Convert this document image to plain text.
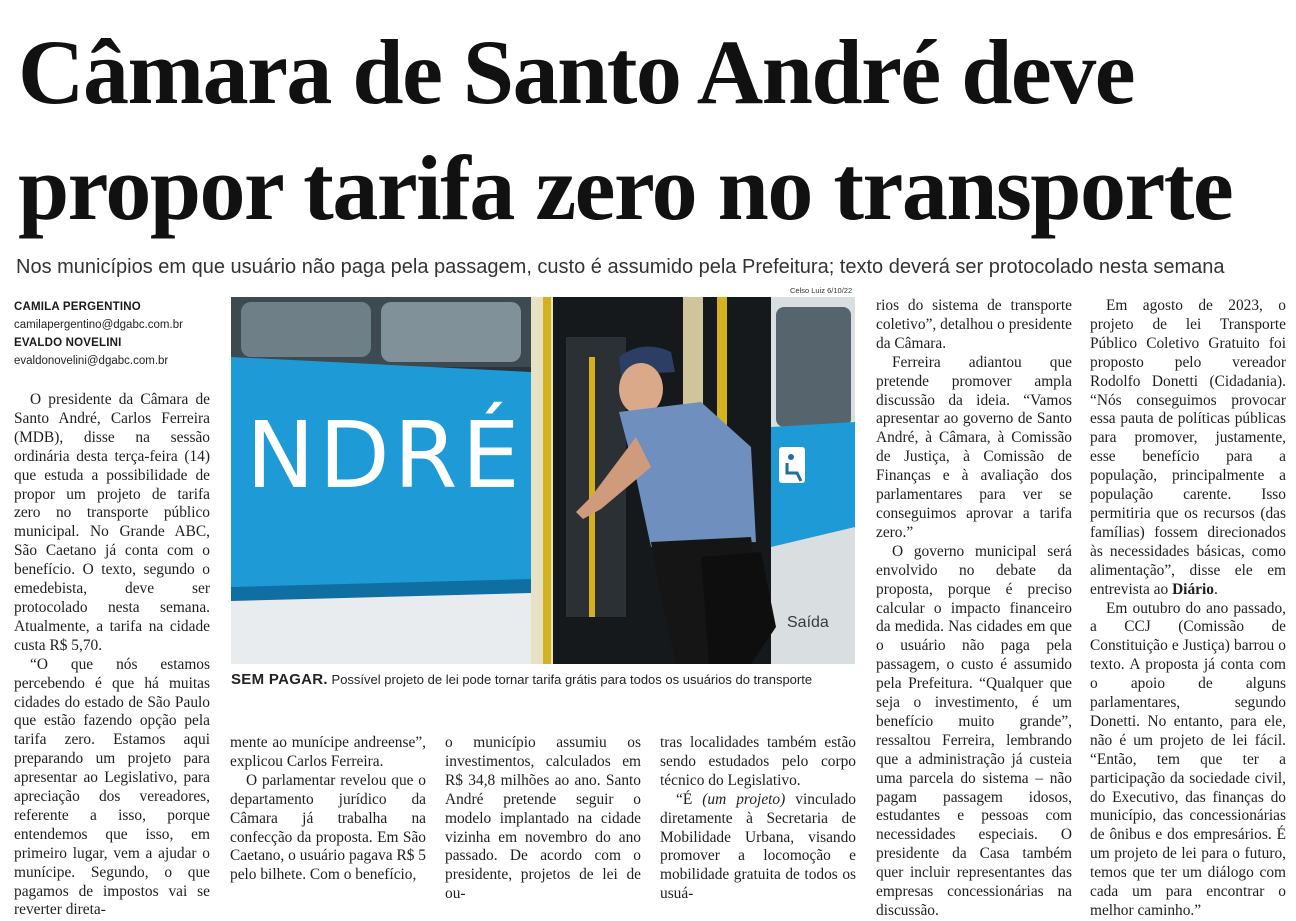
Câmara de Santo André deve propor tarifa zero no transporte
Nos municípios em que usuário não paga pela passagem, custo é assumido pela Prefeitura; texto deverá ser protocolado nesta semana
CAMILA PERGENTINO
camilapergentino@dgabc.com.br
EVALDO NOVELINI
evaldonovelini@dgabc.com.br

O presidente da Câmara de Santo André, Carlos Ferreira (MDB), disse na sessão ordinária desta terça-feira (14) que estuda a possibilidade de propor um projeto de tarifa zero no transporte público municipal. No Grande ABC, São Caetano já conta com o benefício. O texto, segundo o emedebista, deve ser protocolado nesta semana. Atualmente, a tarifa na cidade custa R$ 5,70.

“O que nós estamos percebendo é que há muitas cidades do estado de São Paulo que estão fazendo opção pela tarifa zero. Estamos aqui preparando um projeto para apresentar ao Legislativo, para apreciação dos vereadores, referente a isso, porque entendemos que isso, em primeiro lugar, vem a ajudar o munícipe. Segundo, o que pagamos de impostos vai se reverter direta-

Celso Luiz 6/10/22
NDRÉ
Saída
SEM PAGAR. Possível projeto de lei pode tornar tarifa grátis para todos os usuários do transporte

mente ao munícipe andreense”, explicou Carlos Ferreira.

O parlamentar revelou que o departamento jurídico da Câmara já trabalha na confecção da proposta. Em São Caetano, o usuário pagava R$ 5 pelo bilhete. Com o benefício,

o município assumiu os investimentos, calculados em R$ 34,8 milhões ao ano. Santo André pretende seguir o modelo implantado na cidade vizinha em novembro do ano passado. De acordo com o presidente, projetos de lei de ou-

tras localidades também estão sendo estudados pelo corpo técnico do Legislativo.

“É (um projeto) vinculado diretamente à Secretaria de Mobilidade Urbana, visando promover a locomoção e mobilidade gratuita de todos os usuá-

rios do sistema de transporte coletivo”, detalhou o presidente da Câmara.

Ferreira adiantou que pretende promover ampla discussão da ideia. “Vamos apresentar ao governo de Santo André, à Câmara, à Comissão de Justiça, à Comissão de Finanças e à avaliação dos parlamentares para ver se conseguimos aprovar a tarifa zero.”

O governo municipal será envolvido no debate da proposta, porque é preciso calcular o impacto financeiro da medida. Nas cidades em que o usuário não paga pela passagem, o custo é assumido pela Prefeitura. “Qualquer que seja o investimento, é um benefício muito grande”, ressaltou Ferreira, lembrando que a administração já custeia uma parcela do sistema – não pagam passagem idosos, estudantes e pessoas com necessidades especiais. O presidente da Casa também quer incluir representantes das empresas concessionárias na discussão.

Em agosto de 2023, o projeto de lei Transporte Público Coletivo Gratuito foi proposto pelo vereador Rodolfo Donetti (Cidadania). “Nós conseguimos provocar essa pauta de políticas públicas para promover, justamente, esse benefício para a população, principalmente a população carente. Isso permitiria que os recursos (das famílias) fossem direcionados às necessidades básicas, como alimentação”, disse ele em entrevista ao Diário.

Em outubro do ano passado, a CCJ (Comissão de Constituição e Justiça) barrou o texto. A proposta já conta com o apoio de alguns parlamentares, segundo Donetti. No entanto, para ele, não é um projeto de lei fácil. “Então, tem que ter a participação da sociedade civil, do Executivo, das finanças do município, das concessionárias de ônibus e dos empresários. É um projeto de lei para o futuro, temos que ter um diálogo com cada um para encontrar o melhor caminho.”
